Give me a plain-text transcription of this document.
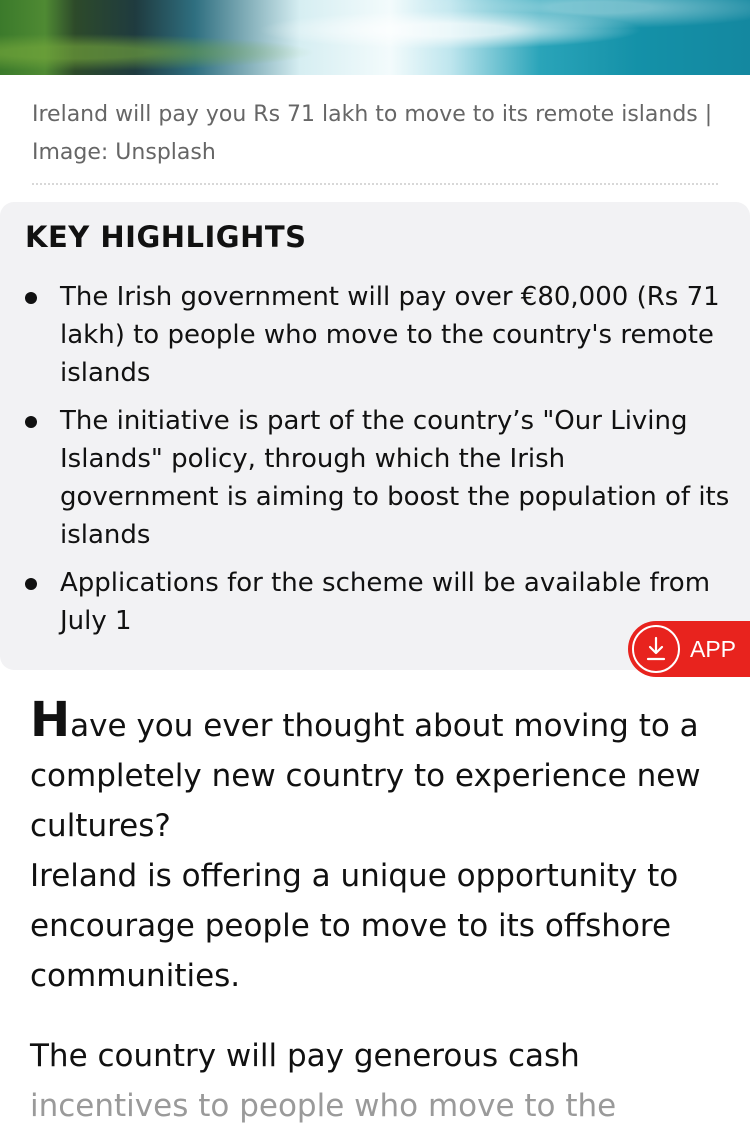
Ireland will pay you Rs 71 lakh to move to its remote islands | Image: Unsplash
KEY HIGHLIGHTS
The Irish government will pay over €80,000 (Rs 71 lakh) to people who move to the country's remote islands
The initiative is part of the country’s "Our Living Islands" policy, through which the Irish government is aiming to boost the population of its islands
Applications for the scheme will be available from July 1
APP

Have you ever thought about moving to a completely new country to experience new cultures?

Ireland is offering a unique opportunity to encourage people to move to its offshore communities.

The country will pay generous cash
incentives to people who move to the
